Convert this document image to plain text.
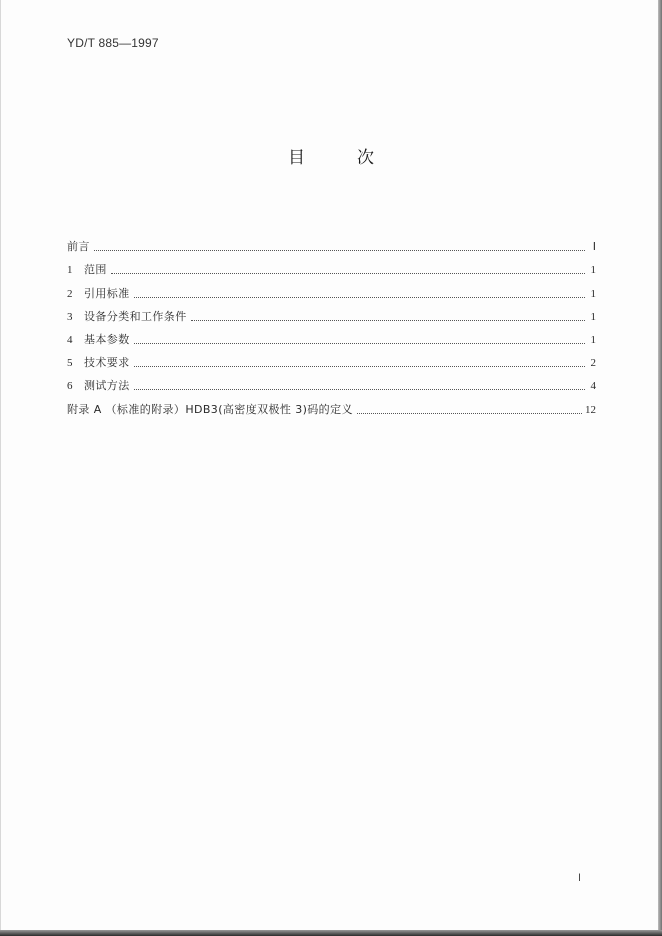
YD/T 885—1997
目	次
前言	Ⅰ
1	范围	1
2	引用标准	1
3	设备分类和工作条件	1
4	基本参数	1
5	技术要求	2
6	测试方法	4
附录 A （标准的附录）HDB3(高密度双极性 3)码的定义	12
Ⅰ
